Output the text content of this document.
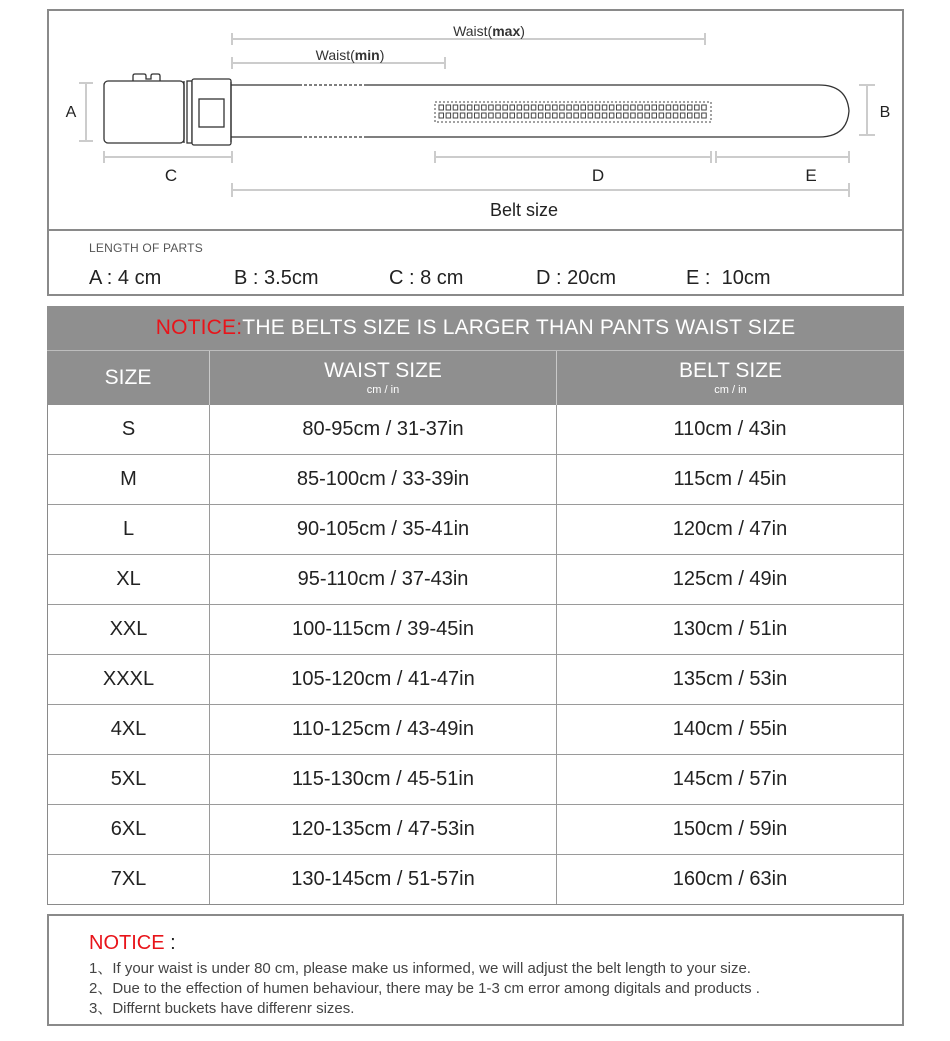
Waist(max)
Waist(min)
A	B
C	D	E
Belt size
LENGTH OF PARTS
A : 4 cm	B : 3.5cm	C : 8 cm	D : 20cm	E :  10cm
NOTICE:THE BELTS SIZE IS LARGER THAN PANTS WAIST SIZE
SIZE	WAIST SIZE
cm / in
BELT SIZE
cm / in
S	80-95cm / 31-37in	110cm / 43in
M	85-100cm / 33-39in	115cm / 45in
L	90-105cm / 35-41in	120cm / 47in
XL	95-110cm / 37-43in	125cm / 49in
XXL	100-115cm / 39-45in	130cm / 51in
XXXL	105-120cm / 41-47in	135cm / 53in
4XL	110-125cm / 43-49in	140cm / 55in
5XL	115-130cm / 45-51in	145cm / 57in
6XL	120-135cm / 47-53in	150cm / 59in
7XL	130-145cm / 51-57in	160cm / 63in
NOTICE :
1、If your waist is under 80 cm, please make us informed, we will adjust the belt length to your size.
2、Due to the effection of humen behaviour, there may be 1-3 cm error among digitals and products .
3、Differnt buckets have differenr sizes.
